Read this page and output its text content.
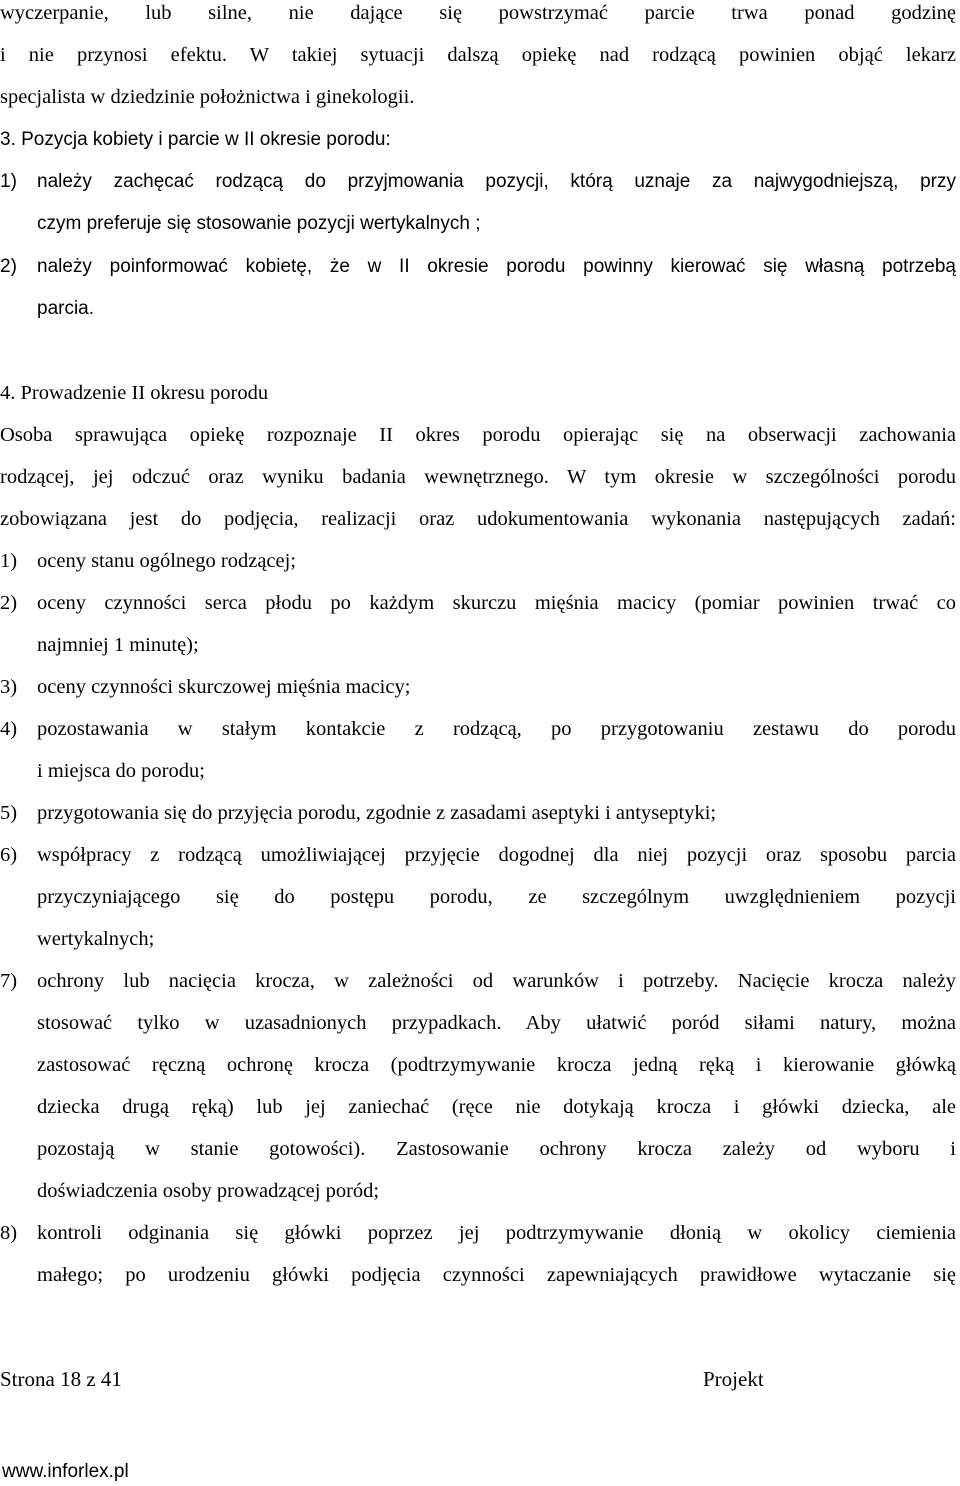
wyczerpanie, lub silne, nie dające się powstrzymać parcie trwa ponad godzinę
i nie przynosi efektu. W takiej sytuacji dalszą opiekę nad rodzącą powinien objąć lekarz
specjalista w dziedzinie położnictwa i ginekologii.
3. Pozycja kobiety i parcie w II okresie porodu:
1) należy zachęcać rodzącą do przyjmowania pozycji, którą uznaje za najwygodniejszą, przy
czym preferuje się stosowanie pozycji wertykalnych ;
2) należy poinformować kobietę, że w II okresie porodu powinny kierować się własną potrzebą
parcia.
4. Prowadzenie II okresu porodu
Osoba sprawująca opiekę rozpoznaje II okres porodu opierając się na obserwacji zachowania
rodzącej, jej odczuć oraz wyniku badania wewnętrznego. W tym okresie w szczególności porodu
zobowiązana jest do podjęcia, realizacji oraz udokumentowania wykonania następujących zadań:
1) oceny stanu ogólnego rodzącej;
2) oceny czynności serca płodu po każdym skurczu mięśnia macicy (pomiar powinien trwać co
najmniej 1 minutę);
3) oceny czynności skurczowej mięśnia macicy;
4) pozostawania w stałym kontakcie z rodzącą, po przygotowaniu zestawu do porodu
i miejsca do porodu;
5) przygotowania się do przyjęcia porodu, zgodnie z zasadami aseptyki i antyseptyki;
6) współpracy z rodzącą umożliwiającej przyjęcie dogodnej dla niej pozycji oraz sposobu parcia
przyczyniającego się do postępu porodu, ze szczególnym uwzględnieniem pozycji
wertykalnych;
7) ochrony lub nacięcia krocza, w zależności od warunków i potrzeby. Nacięcie krocza należy
stosować tylko w uzasadnionych przypadkach. Aby ułatwić poród siłami natury, można
zastosować ręczną ochronę krocza (podtrzymywanie krocza jedną ręką i kierowanie główką
dziecka drugą ręką) lub jej zaniechać (ręce nie dotykają krocza i główki dziecka, ale
pozostają w stanie gotowości). Zastosowanie ochrony krocza zależy od wyboru i
doświadczenia osoby prowadzącej poród;
8) kontroli odginania się główki poprzez jej podtrzymywanie dłonią w okolicy ciemienia
małego; po urodzeniu główki podjęcia czynności zapewniających prawidłowe wytaczanie się
Strona 18 z 41	Projekt
www.inforlex.pl
